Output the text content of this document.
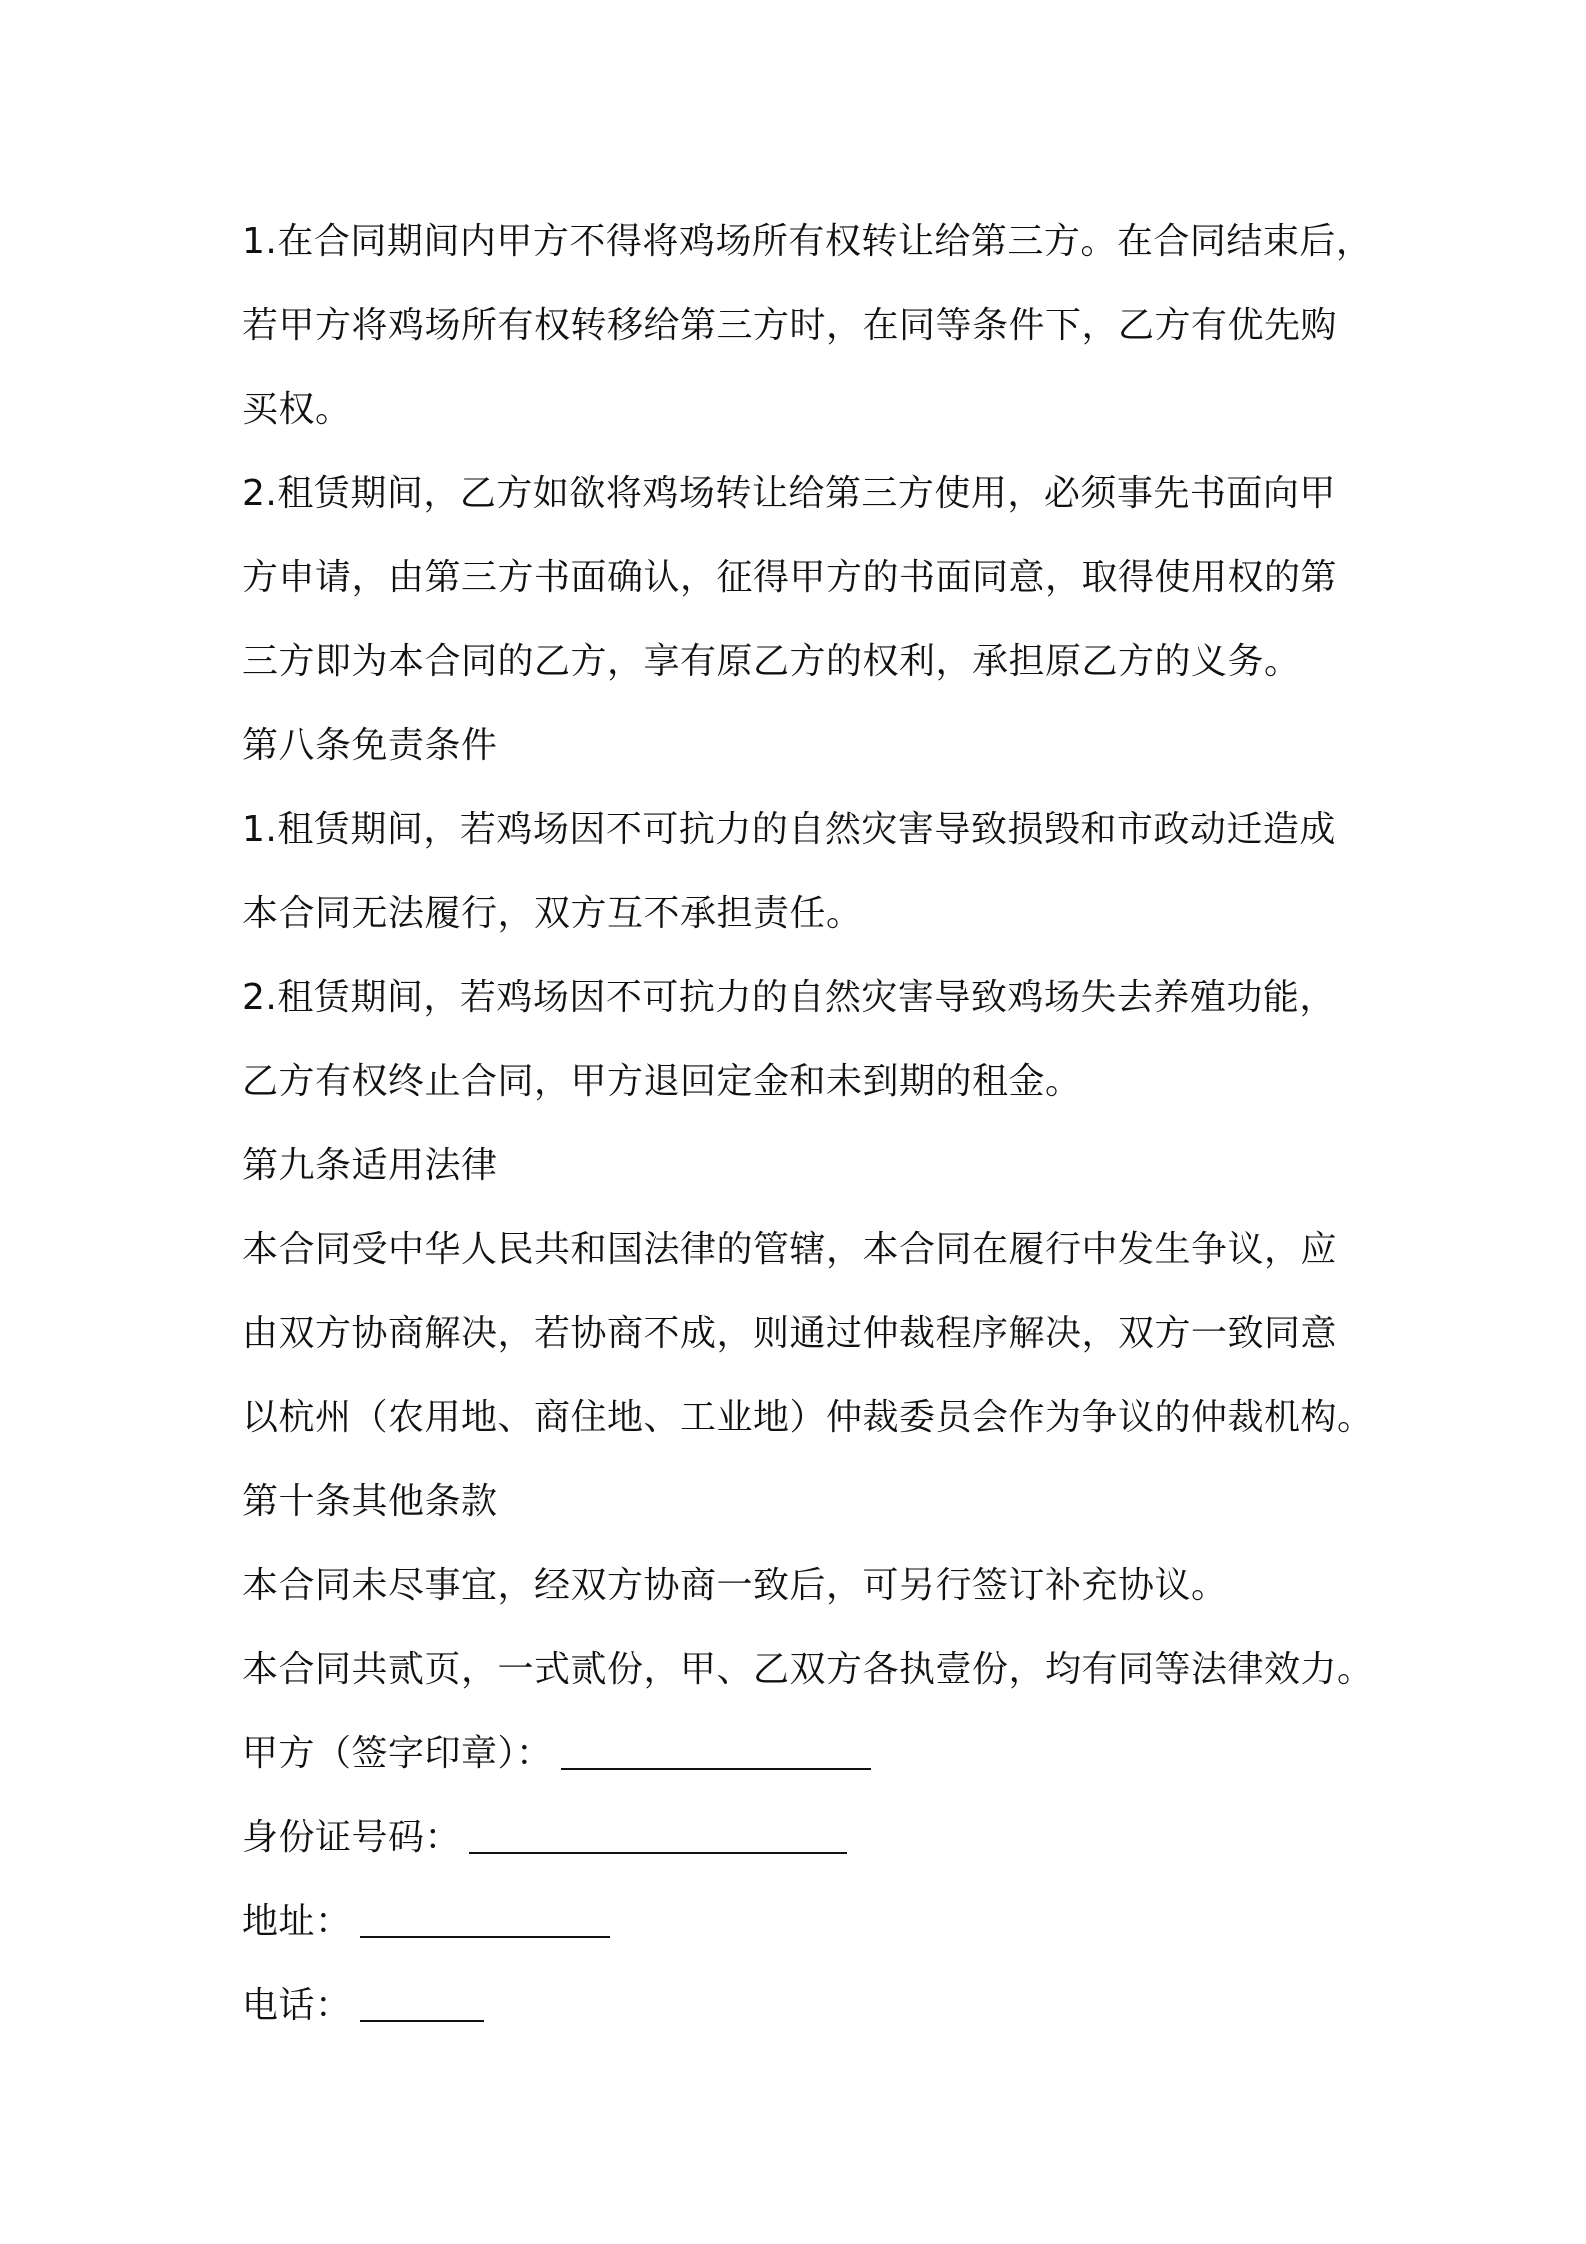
1.在合同期间内甲方不得将鸡场所有权转让给第三方。在合同结束后，
若甲方将鸡场所有权转移给第三方时，在同等条件下，乙方有优先购
买权。
2.租赁期间，乙方如欲将鸡场转让给第三方使用，必须事先书面向甲
方申请，由第三方书面确认，征得甲方的书面同意，取得使用权的第
三方即为本合同的乙方，享有原乙方的权利，承担原乙方的义务。
第八条免责条件
1.租赁期间，若鸡场因不可抗力的自然灾害导致损毁和市政动迁造成
本合同无法履行，双方互不承担责任。
2.租赁期间，若鸡场因不可抗力的自然灾害导致鸡场失去养殖功能，
乙方有权终止合同，甲方退回定金和未到期的租金。
第九条适用法律
本合同受中华人民共和国法律的管辖，本合同在履行中发生争议，应
由双方协商解决，若协商不成，则通过仲裁程序解决，双方一致同意
以杭州（农用地、商住地、工业地）仲裁委员会作为争议的仲裁机构。
第十条其他条款
本合同未尽事宜，经双方协商一致后，可另行签订补充协议。
本合同共贰页，一式贰份，甲、乙双方各执壹份，均有同等法律效力。
甲方（签字印章）：
身份证号码：
地址：
电话：
